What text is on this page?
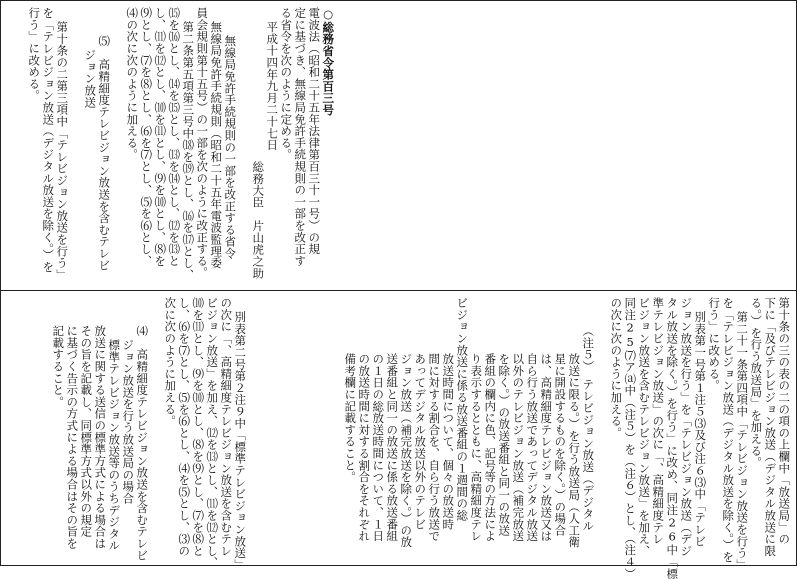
○総務省令第百三号
電波法（昭和二十五年法律第百三十一号）の規
定に基づき、無線局免許手続規則の一部を改正す
る省令を次のように定める。
平成十四年九月二十七日
総務大臣　片山虎之助
無線局免許手続規則の一部を改正する省令
無線局免許手続規則（昭和二十五年電波監理委
員会規則第十五号）の一部を次のように改正する。
第二条第五項第三号中⒅を⒆とし、⒃を⒄とし、
⒂を⒃とし、⒁を⒂とし、⒀を⒁とし、⑿を⒀と
し、⑾を⑿とし、⑽を⑾とし、⑼を⑽とし、⑻を
⑼とし、⑺を⑻とし、⑹を⑺とし、⑸を⑹とし、
⑷の次に次のように加える。
⑸　高精細度テレビジョン放送を含むテレビ
ジョン放送
第十条の二第三項中「テレビジョン放送を行う」
を「テレビジョン放送（デジタル放送を除く。）を
行う」に改める。
第十条の三の表の二の項の上欄中「放送局」の
下に「及びテレビジョン放送（デジタル放送に限
る。）を行う放送局」を加える。
第二十一条第四項中「テレビジョン放送を行う」
を「テレビジョン放送（デジタル放送を除く。）を
行う」に改める。
別表第一号第１注５⑶及び注６⑶中「テレビ
ジョン放送を行う」を「テレビジョン放送（デジ
タル放送を除く。）を行う」に改め、同注26中「標
準テレビジョン放送」の次に「、高精細度テレ
ビジョン放送を含むテレビジョン放送」を加え、
同注25⑺ア⒜中（注５）を（注６）とし、（注４）
の次に次のように加える。
（注５）　テレビジョン放送（デジタル
放送に限る。）を行う放送局（人工衛
星に開設するものを除く。）の場合
は、高精細度テレビジョン放送又は
自ら行う放送であってデジタル放送
以外のテレビジョン放送（補完放送
を除く。）の放送番組と同一の放送
番組の欄内に色、記号等の方法によ
り表示するとともに、高精細度テレ
ビジョン放送に係る放送番組の１週間の総
放送時間について、個々の放送時
間に対する割合を、自ら行う放送で
あってデジタル放送以外のテレビ
ジョン放送（補完放送を除く。）の放
送番組と同一の放送に係る放送番組
の１日の総放送時間について、１日
の放送時間に対する割合をそれぞれ
備考欄に記載すること。
別表第二号第２注９中「標準テレビジョン放送」
の次に「、高精細度テレビジョン放送を含むテレ
ビジョン放送」を加え、⑿を⒀とし、⑾を⑿とし、
⑽を⑾とし、⑼を⑽とし、⑻を⑼とし、⑺を⑻と
し、⑹を⑺とし、⑸を⑹とし、⑷を⑸とし、⑶の
次に次のように加える。
⑷　高精細度テレビジョン放送を含むテレビ
ジョン放送を行う放送局の場合
標準テレビジョン放送等のうちデジタル
放送に関する送信の標準方式による場合は
その旨を記載し、同標準方式以外の規定
に基づく告示の方式による場合はその旨を
記載すること。
